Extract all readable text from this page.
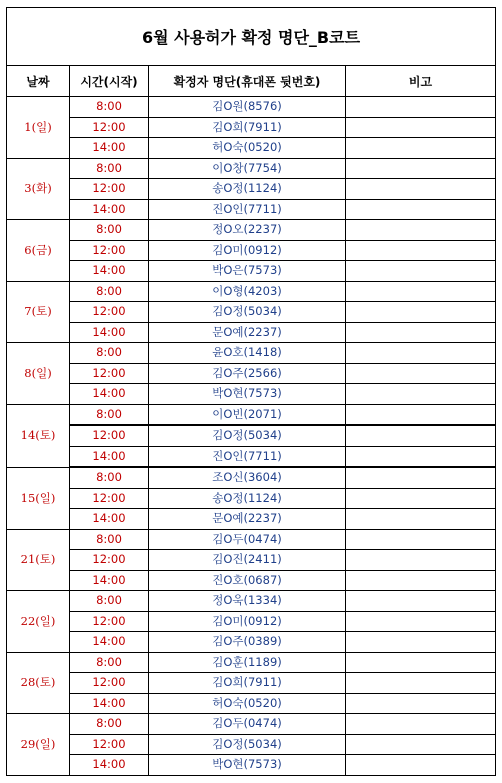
6월 사용허가 확정 명단_B코트			
날짜	시간(시작)	확정자 명단(휴대폰 뒷번호)	비고
1(일)	8:00	김O원(8576)	
	12:00	김O희(7911)	
	14:00	허O숙(0520)	
3(화)	8:00	이O창(7754)	
	12:00	송O정(1124)	
	14:00	진O인(7711)	
6(금)	8:00	정O오(2237)	
	12:00	김O미(0912)	
	14:00	박O은(7573)	
7(토)	8:00	이O형(4203)	
	12:00	김O정(5034)	
	14:00	문O예(2237)	
8(일)	8:00	윤O호(1418)	
	12:00	김O주(2566)	
	14:00	박O현(7573)	
14(토)	8:00	이O빈(2071)	
	12:00	김O정(5034)	
	14:00	진O인(7711)	
15(일)	8:00	조O신(3604)	
	12:00	송O정(1124)	
	14:00	문O예(2237)	
21(토)	8:00	김O두(0474)	
	12:00	김O진(2411)	
	14:00	진O호(0687)	
22(일)	8:00	정O욱(1334)	
	12:00	김O미(0912)	
	14:00	김O주(0389)	
28(토)	8:00	김O훈(1189)	
	12:00	김O희(7911)	
	14:00	허O숙(0520)	
29(일)	8:00	김O두(0474)	
	12:00	김O정(5034)	
	14:00	박O현(7573)	
